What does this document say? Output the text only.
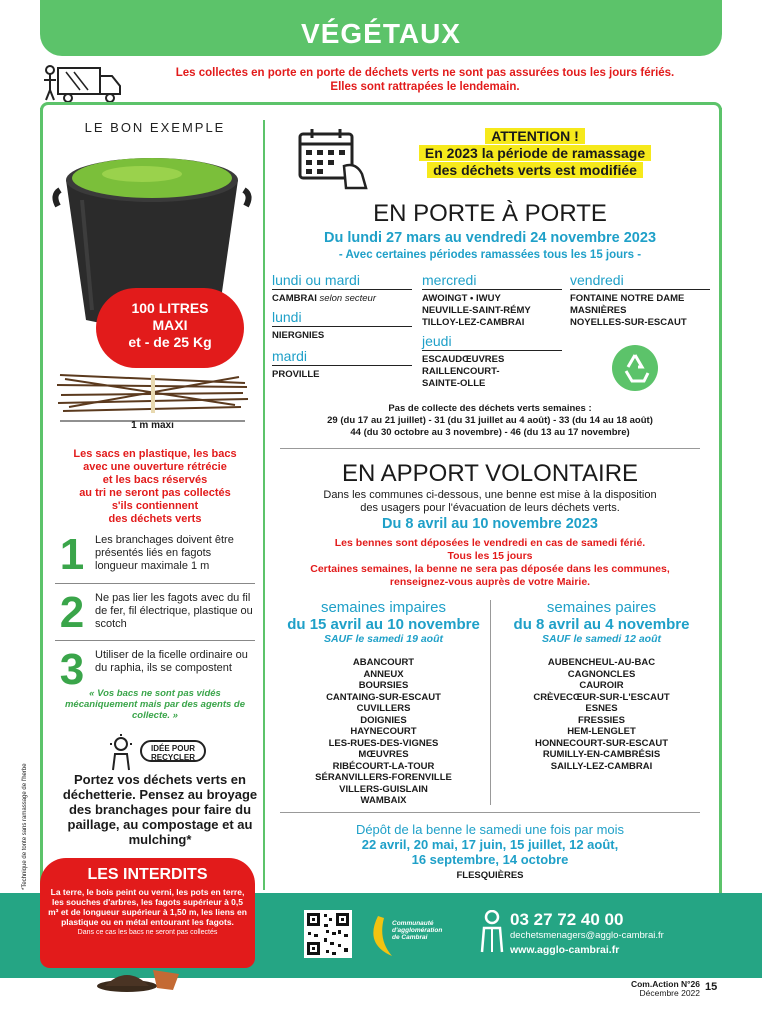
VÉGÉTAUX
Les collectes en porte en porte de déchets verts ne sont pas assurées tous les jours fériés.
Elles sont rattrapées le lendemain.
LE BON EXEMPLE
100 LITRES
MAXI
et - de 25 Kg
1 m maxi
Les sacs en plastique, les bacs
avec une ouverture rétrécie
et les bacs réservés
au tri ne seront pas collectés
s'ils contiennent
des déchets verts
1 Les branchages doivent être présentés liés en fagots longueur maximale 1 m
2 Ne pas lier les fagots avec du fil de fer, fil électrique, plastique ou scotch
3 Utiliser de la ficelle ordinaire ou du raphia, ils se compostent
« Vos bacs ne sont pas vidés mécaniquement mais par des agents de collecte. »
IDÉE POUR RECYCLER
Portez vos déchets verts en déchetterie. Pensez au broyage des branchages pour faire du paillage, au compostage et au mulching*
*Technique de tonte sans ramassage de l'herbe
ATTENTION !
En 2023 la période de ramassage
des déchets verts est modifiée
EN PORTE À PORTE
Du lundi 27 mars au vendredi 24 novembre 2023
- Avec certaines périodes ramassées tous les 15 jours -
lundi ou mardi
CAMBRAI selon secteur
lundi
NIERGNIES
mardi
PROVILLE
mercredi
AWOINGT • IWUY
NEUVILLE-SAINT-RÉMY
TILLOY-LEZ-CAMBRAI
jeudi
ESCAUDŒUVRES
RAILLENCOURT-
SAINTE-OLLE
vendredi
FONTAINE NOTRE DAME
MASNIÈRES
NOYELLES-SUR-ESCAUT
Pas de collecte des déchets verts semaines :
29 (du 17 au 21 juillet) - 31 (du 31 juillet au 4 août) - 33 (du 14 au 18 août)
44 (du 30 octobre au 3 novembre) - 46 (du 13 au 17 novembre)
EN APPORT VOLONTAIRE
Dans les communes ci-dessous, une benne est mise à la disposition
des usagers pour l'évacuation de leurs déchets verts.
Du 8 avril au 10 novembre 2023
Les bennes sont déposées le vendredi en cas de samedi férié.
Tous les 15 jours
Certaines semaines, la benne ne sera pas déposée dans les communes,
renseignez-vous auprès de votre Mairie.
semaines impaires
du 15 avril au 10 novembre
SAUF le samedi 19 août
ABANCOURT
ANNEUX
BOURSIES
CANTAING-SUR-ESCAUT
CUVILLERS
DOIGNIES
HAYNECOURT
LES-RUES-DES-VIGNES
MŒUVRES
RIBÉCOURT-LA-TOUR
SÉRANVILLERS-FORENVILLE
VILLERS-GUISLAIN
WAMBAIX
semaines paires
du 8 avril au 4 novembre
SAUF le samedi 12 août
AUBENCHEUL-AU-BAC
CAGNONCLES
CAUROIR
CRÈVECŒUR-SUR-L'ESCAUT
ESNES
FRESSIES
HEM-LENGLET
HONNECOURT-SUR-ESCAUT
RUMILLY-EN-CAMBRÉSIS
SAILLY-LEZ-CAMBRAI
Dépôt de la benne le samedi une fois par mois
22 avril, 20 mai, 17 juin, 15 juillet, 12 août,
16 septembre, 14 octobre
FLESQUIÈRES
LES INTERDITS
La terre, le bois peint ou verni, les pots en terre, les souches d'arbres, les fagots supérieur à 0,5 m³ et de longueur supérieur à 1,50 m, les liens en plastique ou en métal entourant les fagots.
Dans ce cas les bacs ne seront pas collectés
Communauté
d'agglomération
de Cambrai
03 27 72 40 00
dechetsmenagers@agglo-cambrai.fr
www.agglo-cambrai.fr
Com.Action N°26
Décembre 2022 15
